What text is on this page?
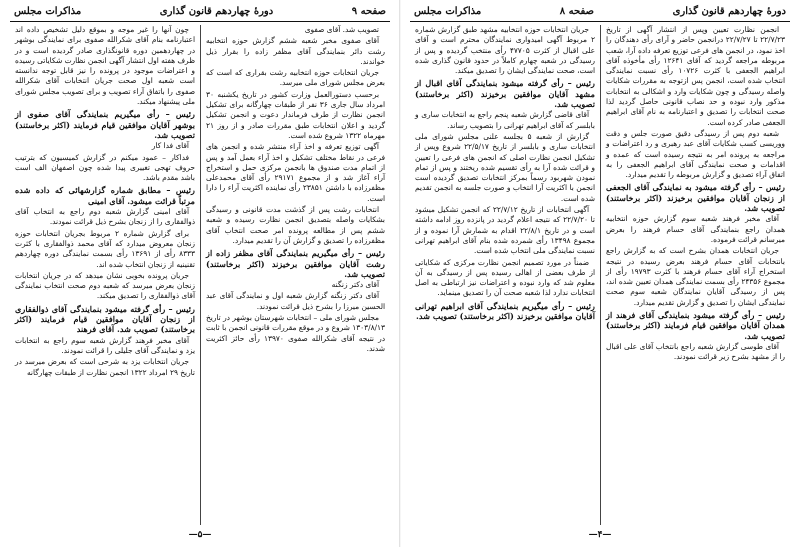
صفحه ۹
دورهٔ چهاردهم قانون گذاری
مذاکرات مجلس

تصویب شد. آقای صفوی

آقای صفوی مخبر شعبه ششم گزارش حوزه انتخابیه رشت دائر بنمایندگی آقای مظفر زاده را بقرار ذیل خواندند.

جریان انتخابات حوزه انتخابیه رشت بقراری که است که بعرض مجلس شورای ملی میرسد.

برحسب دستورالعمل وزارت کشور در تاریخ یکشنبه ۳۰ امرداد سال جاری ۳۶ نفر از طبقات چهارگانه برای تشکیل انجمن نظارت از طرف فرماندار دعوت و انجمن تشکیل گردید و اعلان انتخابات طبق مقررات صادر و از روز ۲۱ مهرماه ۱۳۲۲ شروع شده است.

آگهی توزیع تعرفه و اخذ آراء منتشر شده و انجمن های فرعی در نقاط مختلف تشکیل و اخذ آراء بعمل آمد و پس از اتمام مدت صندوق ها بانجمن مرکزی حمل و استخراج آراء آغاز شد و از مجموع ۲۹۱۷۱ رأی آقای محمدعلی مظفرزاده با داشتن ۲۳۸۵۱ رأی نماینده اکثریت آراء را دارا است.

انتخابات رشت پس از گذشت مدت قانونی و رسیدگی بشکایات واصله بتصدیق انجمن نظارت رسیده و شعبه ششم پس از مطالعه پرونده امر صحت انتخاب آقای مظفرزاده را تصدیق و گزارش آن را تقدیم میدارد.

رئیس – رأی میگیریم بنمایندگی آقای مظفر زاده از رشت آقایان موافقین برخیزند (اکثر برخاستند) تصویب شد.

آقای دکتر زنگنه

آقای دکتر زنگنه گزارش شعبه اول و نمایندگی آقای عبد الحسین میرزا را بشرح ذیل قرائت نمودند.

مجلس شورای ملی – انتخابات شهرستان بوشهر در تاریخ ۱۳۰۳/۸/۱۳ شروع و در موقع مقررات قانونی انجمن با ثابت در نتیجه آقای شکرالله صفوی ۱۳۹۷۰ رأی حائز اکثریت شدند.

چون آنها را غیر موجه و بموقع دلیل تشخیص داده اند اعتبارنامه بنام آقای شکرالله صفوی برای نمایندگی بوشهر در چهاردهمین دوره قانونگذاری صادر گردیده است و در ظرف هفته اول انتشار آگهی انجمن نظارت شکایاتی رسیده و اعتراضات موجود در پرونده را نیز قابل توجه ندانسته است شعبه اول صحت جریان انتخابات آقای شکرالله صفوی را باتفاق آراء تصویب و برای تصویب مجلس شورای ملی پیشنهاد میکند.

رئیس – رأی میگیریم بنمایندگی آقای صفوی از بوشهر آقایان موافقین قیام فرمایند (اکثر برخاستند) تصویب شد.

آقای فدا کار

فداکار – عمود میکنم در گزارش کمیسیون که بترتیب حروف تهجی تغییری پیدا شده چون اصفهان الف است باشد مقدم باشد.

رئیس – مطابق شماره گزارشهائی که داده شده مرتباً قرائت میشود. آقای امینی

آقای امینی گزارش شعبه دوم راجع به انتخاب آقای ذوالفقاری را از زنجان بشرح ذیل قرائت نمودند.

برای گزارش شماره ۲ مربوط بجریان انتخابات حوزه زنجان معروض میدارد که آقای محمد ذوالفقاری با کثرت ۸۳۳۳ رأی از ۱۳۶۹۱ رأی بسمت نمایندگی دوره چهاردهم تقنینیه از زنجان انتخاب شده اند.

جریان پرونده بخوبی نشان میدهد که در جریان انتخابات زنجان بعرض میرسد که شعبه دوم صحت انتخاب نمایندگی آقای ذوالفقاری را تصدیق میکند.

رئیس – رأی گرفته میشود بنمایندگی آقای ذوالفقاری از زنجان آقایان موافقین قیام فرمایند (اکثر برخاستند) تصویب شد. آقای فرهند

آقای مخبر فرهند گزارش شعبه سوم راجع به انتخابات یزد و نمایندگی آقای جلیلی را قرائت نمودند.

جریان انتخابات یزد به شرحی است که بعرض میرسد در تاریخ ۲۹ امرداد ۱۳۲۲ انجمن نظارت از طبقات چهارگانه

—۵—
دورهٔ چهاردهم قانون گذاری
صفحه ۸
مذاکرات مجلس

انجمن نظارت تعیین وپس از انتشار آگهی از تاریخ ۲۲/۷/۲۳ تا ۲۲/۷/۲۷ درانجمن حاضر و آرای رأی دهندگان را اخذ نمود، در انجمن های فرعی توزیع تعرفه داده آرا، شعب مربوطه مراجعه گردید که آقای ۱۲۶۴۱ رأی مأخوذه آقای ابراهیم الجعفی با کثرت ۱۰۷۲۶ رأی نسبت نمایندگی انتخاب شده است، انجمن پس ازتوجه به مقررات شکایات واصله رسیدگی و چون شکایات وارد و اشکالی به انتخابات مذکور وارد نبوده و حد نصاب قانونی حاصل گردید لذا صحت انتخابات را تصدیق و اعتبارنامه به نام آقای ابراهیم الجعفی صادر کرده است.

شعبه دوم پس از رسیدگی دقیق صورت جلس و دقت ووریسی کسب شکایات آقای عبد رهبری و رد اعتراضات و مراجعه به پرونده امر به نتیجه رسیده است که عمده و اقدامات و صحت نمایندگی آقای ابراهیم الجعفی را به اتفاق آراء تصدیق و گزارش مربوطه را تقدیم میدارد.

رئیس – رأی گرفته میشود به نمایندگی آقای الجعفی از زنجان آقایان موافقین برخیزند (اکثر برخاستند) تصویب شد.

آقای مخبر فرهند شعبه سوم گزارش حوزه انتخابیه همدان راجع بنمایندگی آقای حسام فرهند را بعرض میرسانم قرائت فرموده.

جریان انتخابات همدان بشرح است که به گزارش راجع بانتخابات آقای حسام فرهند بعرض رسیده در نتیجه استخراج آراء آقای حسام فرهند با کثرت ۱۹۷۹۳ رأی از مجموع ۲۴۳۵۶ رأی بسمت نمایندگی همدان تعیین شده اند، پس از رسیدگی آقایان نمایندگان شعبه سوم صحت نمایندگی ایشان را تصدیق و گزارش تقدیم میدارد.

رئیس – رأی گرفته میشود بنمایندگی آقای فرهند از همدان آقایان موافقین قیام فرمایند (اکثر برخاستند) تصویب شد.

آقای طوسی گزارش شعبه راجع بانتخاب آقای علی اقبال را از مشهد بشرح زیر قرائت نمودند.

جریان انتخابات حوزه انتخابیه مشهد طبق گزارش شماره ۲ مربوط آگهی امیدواری نمایندگان محترم است و آقای علی اقبال از کثرت ۴۷۷۰۵ رأی منتخب گردیده و پس از رسیدگی در شعبه چهارم کاملاً در حدود قانون گذاری شده است، صحت نمایندگی ایشان را تصدیق میکند.

رئیس – رأی گرفته میشود بنمایندگی آقای اقبال از مشهد آقایان موافقین برخیزند (اکثر برخاستند) تصویب شد.

آقای قاضی گزارش شعبه پنجم راجع به انتخابات ساری و بابلسر که آقای ابراهیم تهرانی را بتصویب رساند.

گزارش از شعبه ۵ بجلسه علنی مجلس شورای ملی انتخابات ساری و بابلسر از تاریخ ۲۲/۵/۱۷ شروع وپس از تشکیل انجمن نظارت اصلی که انجمن های فرعی را تعیین و قرائت شده آرا به رأی تقسیم شده ریختند و پس از تمام نمودن شهربود رسماً بمرکز انتخابات تصدیق گردیده است انجمن با اکثریت آرا انتخاب و صورت جلسه به انجمن تقدیم شده است.

آگهی انتخابات از تاریخ ۲۲/۷/۱۲ که انجمن تشکیل میشود تا ۲۲/۷/۲۰ که نتیجه اعلام گردید در پانزده روز ادامه داشته است و در تاریخ ۲۲/۸/۱ اقدام به شمارش آرا نموده و از مجموع ۱۳۴۹۸ رأی شمرده شده بنام آقای ابراهیم تهرانی نسبت نمایندگی ملی انتخاب شده است.

ضمناً در مورد تصمیم انجمن نظارت مرکزی که شکایاتی از طرف بعضی از اهالی رسیده پس از رسیدگی به آن معلوم شد که وارد نبوده و اعتراضات نیز ارتباطی به اصل انتخابات ندارد لذا شعبه صحت آن را تصدیق مینماید.

رئیس – رأی میگیریم بنمایندگی آقای ابراهیم تهرانی آقایان موافقین برخیزند (اکثر برخاستند) تصویب شد.

—۴—
